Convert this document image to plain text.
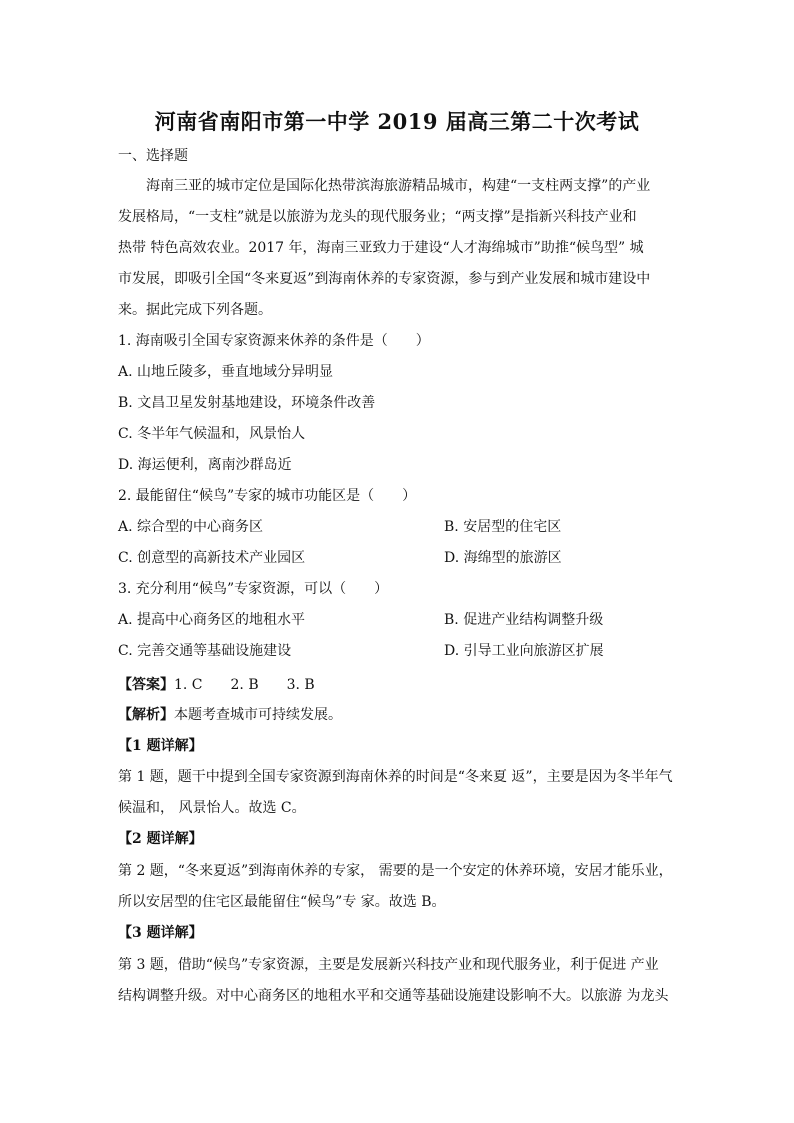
河南省南阳市第一中学 2019 届高三第二十次考试
一、选择题
海南三亚的城市定位是国际化热带滨海旅游精品城市，构建“一支柱两支撑”的产业
发展格局，“一支柱”就是以旅游为龙头的现代服务业；“两支撑”是指新兴科技产业和
热带 特色高效农业。2017 年，海南三亚致力于建设“人才海绵城市”助推“候鸟型” 城
市发展，即吸引全国“冬来夏返”到海南休养的专家资源，参与到产业发展和城市建设中
来。据此完成下列各题。
1. 海南吸引全国专家资源来休养的条件是（　　）
A. 山地丘陵多，垂直地域分异明显
B. 文昌卫星发射基地建设，环境条件改善
C. 冬半年气候温和，风景怡人
D. 海运便利，离南沙群岛近
2. 最能留住“候鸟”专家的城市功能区是（　　）
A. 综合型的中心商务区	B. 安居型的住宅区
C. 创意型的高新技术产业园区	D. 海绵型的旅游区
3. 充分利用“候鸟”专家资源，可以（　　）
A. 提高中心商务区的地租水平	B. 促进产业结构调整升级
C. 完善交通等基础设施建设	D. 引导工业向旅游区扩展
【答案】1. C　　2. B　　3. B
【解析】本题考查城市可持续发展。
【1 题详解】
第 1 题，题干中提到全国专家资源到海南休养的时间是“冬来夏 返”，主要是因为冬半年气
候温和， 风景怡人。故选 C。
【2 题详解】
第 2 题，“冬来夏返”到海南休养的专家， 需要的是一个安定的休养环境，安居才能乐业，
所以安居型的住宅区最能留住“候鸟”专 家。故选 B。
【3 题详解】
第 3 题，借助“候鸟”专家资源，主要是发展新兴科技产业和现代服务业，利于促进 产业
结构调整升级。对中心商务区的地租水平和交通等基础设施建设影响不大。以旅游 为龙头
